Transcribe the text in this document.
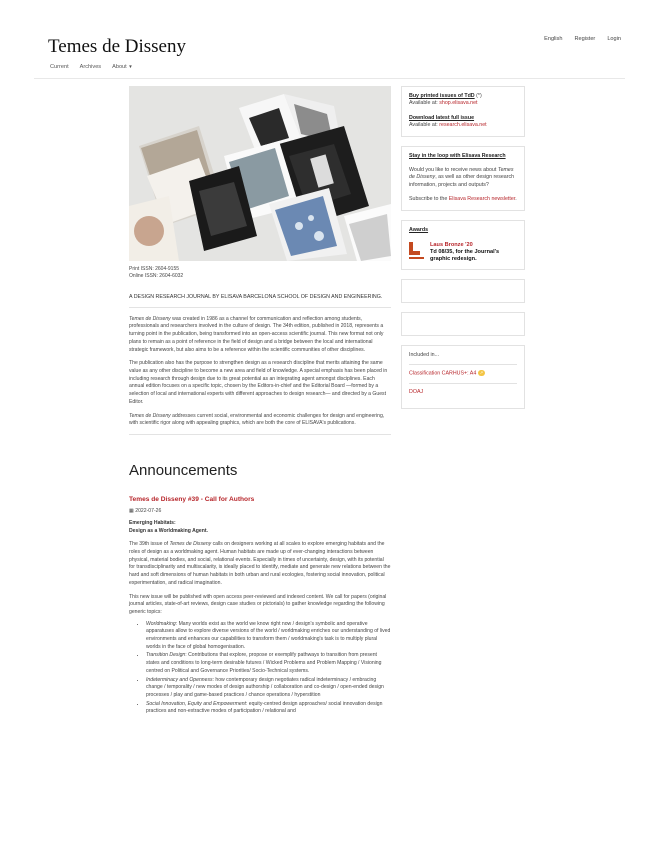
Temes de Disseny	English Register Login
Current Archives About ▼
Print ISSN: 2604-9155
Online ISSN: 2604-6032
A DESIGN RESEARCH JOURNAL BY ELISAVA BARCELONA SCHOOL OF DESIGN AND ENGINEERING.

Temes de Disseny was created in 1986 as a channel for communication and reflection among students, professionals and researchers involved in the culture of design. The 34th edition, published in 2018, represents a turning point in the publication, being transformed into an open-access scientific journal. This new format not only plans to remain as a point of reference in the field of design and a bridge between the local and international strategic framework, but also aims to be a reference within the scientific communities of other disciplines.

The publication also has the purpose to strengthen design as a research discipline that merits attaining the same value as any other discipline to become a new area and field of knowledge. A special emphasis has been placed in including research through design due to its great potential as an integrating agent amongst disciplines. Each annual edition focuses on a specific topic, chosen by the Editors-in-chief and the Editorial Board —formed by a selection of local and international experts with different approaches to design research— and directed by a Guest Editor.

Temes de Disseny addresses current social, environmental and economic challenges for design and engineering, with scientific rigor along with appealing graphics, which are both the core of ELISAVA's publications.

Announcements
Temes de Disseny #39 - Call for Authors
▦ 2022-07-26
Emerging Habitats:
Design as a Worldmaking Agent.

The 39th issue of Temes de Disseny calls on designers working at all scales to explore emerging habitats and the roles of design as a worldmaking agent. Human habitats are made up of ever-changing interactions between physical, material bodies, and social, relational events. Especially in times of uncertainty, design, with its potential for transdisciplinarity and multiscalarity, is ideally placed to identify, mediate and generate new relations between the hard and soft dimensions of human habitats in both urban and rural ecologies, fostering social innovation, political experimentation, and radical imagination.

This new issue will be published with open access peer-reviewed and indexed content. We call for papers (original journal articles, state-of-art reviews, design case studies or pictorials) to gather knowledge regarding the following generic topics:

• Worldmaking: Many worlds exist as the world we know right now / design's symbolic and operative apparatuses allow to explore diverse versions of the world / worldmaking enriches our understanding of lived environments and enhances our capabilities to transform them / worldmaking's task is to multiply plural worlds in the face of global homogenisation.
• Transition Design: Contributions that explore, propose or exemplify pathways to transition from present states and conditions to long-term desirable futures / Wicked Problems and Problem Mapping / Visioning centred on Political and Governance Priorities/ Socio-Technical systems.
• Indeterminacy and Openness: how contemporary design negotiates radical indeterminacy / embracing change / temporality / new modes of design authorship / collaboration and co-design / open-ended design processes / play and game-based practices / chance operations / hyperstition
• Social Innovation, Equity and Empowerment: equity-centred design approaches/ social innovation design practices and non-extractive modes of participation / relational and
Buy printed issues of TdD (*)
Available at: shop.elisava.net
Download latest full issue
Available at: research.elisava.net
Stay in the loop with Elisava Research
Would you like to receive news about Temes de Disseny, as well as other design research information, projects and outputs?
Subscribe to the Elisava Research newsletter.
Awards
Laus Bronze '20
Td 08/35, for the Journal's graphic redesign.
Included in...
Classification CARHUS+: A4 ↗
DOAJ
